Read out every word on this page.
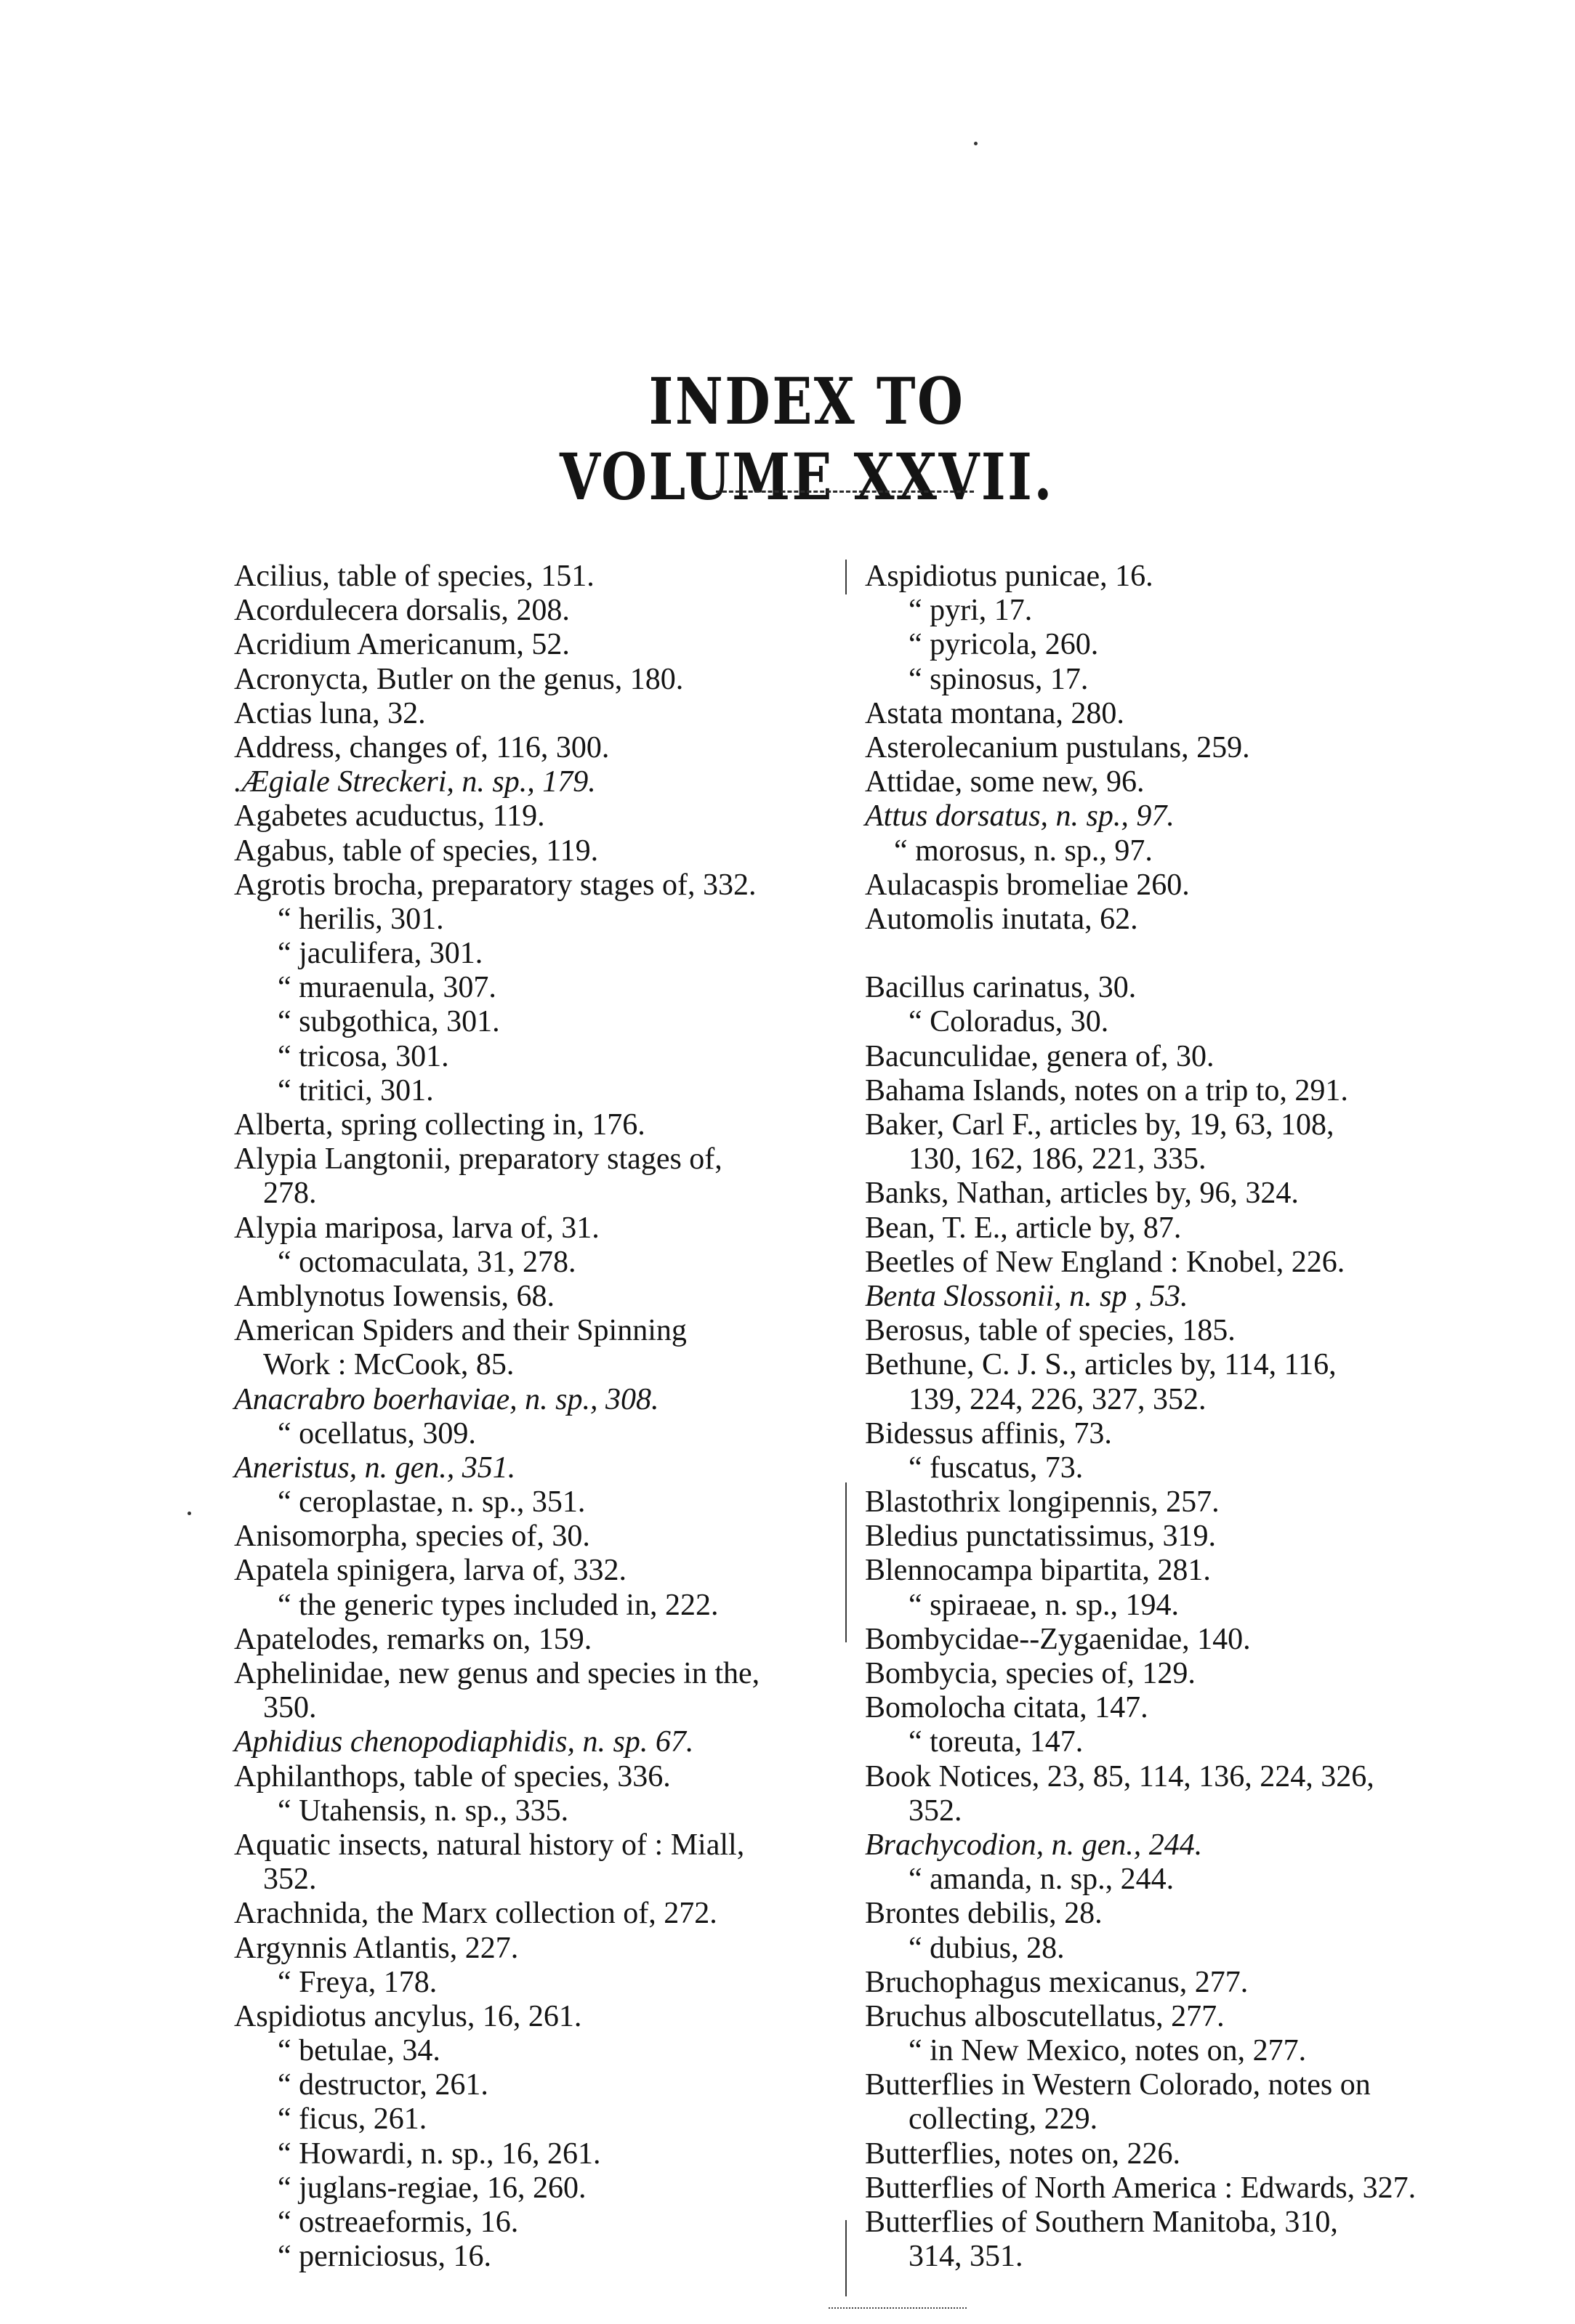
INDEX TO VOLUME XXVII.
Acilius, table of species, 151.
Acordulecera dorsalis, 208.
Acridium Americanum, 52.
Acronycta, Butler on the genus, 180.
Actias luna, 32.
Address, changes of, 116, 300.
.Ægiale Streckeri, n. sp., 179.
Agabetes acuductus, 119.
Agabus, table of species, 119.
Agrotis brocha, preparatory stages of, 332.
“ herilis, 301.
“ jaculifera, 301.
“ muraenula, 307.
“ subgothica, 301.
“ tricosa, 301.
“ tritici, 301.
Alberta, spring collecting in, 176.
Alypia Langtonii, preparatory stages of,
278.
Alypia mariposa, larva of, 31.
“ octomaculata, 31, 278.
Amblynotus Iowensis, 68.
American Spiders and their Spinning
Work : McCook, 85.
Anacrabro boerhaviae, n. sp., 308.
“ ocellatus, 309.
Aneristus, n. gen., 351.
“ ceroplastae, n. sp., 351.
Anisomorpha, species of, 30.
Apatela spinigera, larva of, 332.
“ the generic types included in, 222.
Apatelodes, remarks on, 159.
Aphelinidae, new genus and species in the,
350.
Aphidius chenopodiaphidis, n. sp. 67.
Aphilanthops, table of species, 336.
“ Utahensis, n. sp., 335.
Aquatic insects, natural history of : Miall,
352.
Arachnida, the Marx collection of, 272.
Argynnis Atlantis, 227.
“ Freya, 178.
Aspidiotus ancylus, 16, 261.
“ betulae, 34.
“ destructor, 261.
“ ficus, 261.
“ Howardi, n. sp., 16, 261.
“ juglans-regiae, 16, 260.
“ ostreaeformis, 16.
“ perniciosus, 16.
Aspidiotus punicae, 16.
“ pyri, 17.
“ pyricola, 260.
“ spinosus, 17.
Astata montana, 280.
Asterolecanium pustulans, 259.
Attidae, some new, 96.
Attus dorsatus, n. sp., 97.
“ morosus, n. sp., 97.
Aulacaspis bromeliae 260.
Automolis inutata, 62.
Bacillus carinatus, 30.
“ Coloradus, 30.
Bacunculidae, genera of, 30.
Bahama Islands, notes on a trip to, 291.
Baker, Carl F., articles by, 19, 63, 108,
130, 162, 186, 221, 335.
Banks, Nathan, articles by, 96, 324.
Bean, T. E., article by, 87.
Beetles of New England : Knobel, 226.
Benta Slossonii, n. sp , 53.
Berosus, table of species, 185.
Bethune, C. J. S., articles by, 114, 116,
139, 224, 226, 327, 352.
Bidessus affinis, 73.
“ fuscatus, 73.
Blastothrix longipennis, 257.
Bledius punctatissimus, 319.
Blennocampa bipartita, 281.
“ spiraeae, n. sp., 194.
Bombycidae--Zygaenidae, 140.
Bombycia, species of, 129.
Bomolocha citata, 147.
“ toreuta, 147.
Book Notices, 23, 85, 114, 136, 224, 326,
352.
Brachycodion, n. gen., 244.
“ amanda, n. sp., 244.
Brontes debilis, 28.
“ dubius, 28.
Bruchophagus mexicanus, 277.
Bruchus alboscutellatus, 277.
“ in New Mexico, notes on, 277.
Butterflies in Western Colorado, notes on
collecting, 229.
Butterflies, notes on, 226.
Butterflies of North America : Edwards, 327.
Butterflies of Southern Manitoba, 310,
314, 351.
